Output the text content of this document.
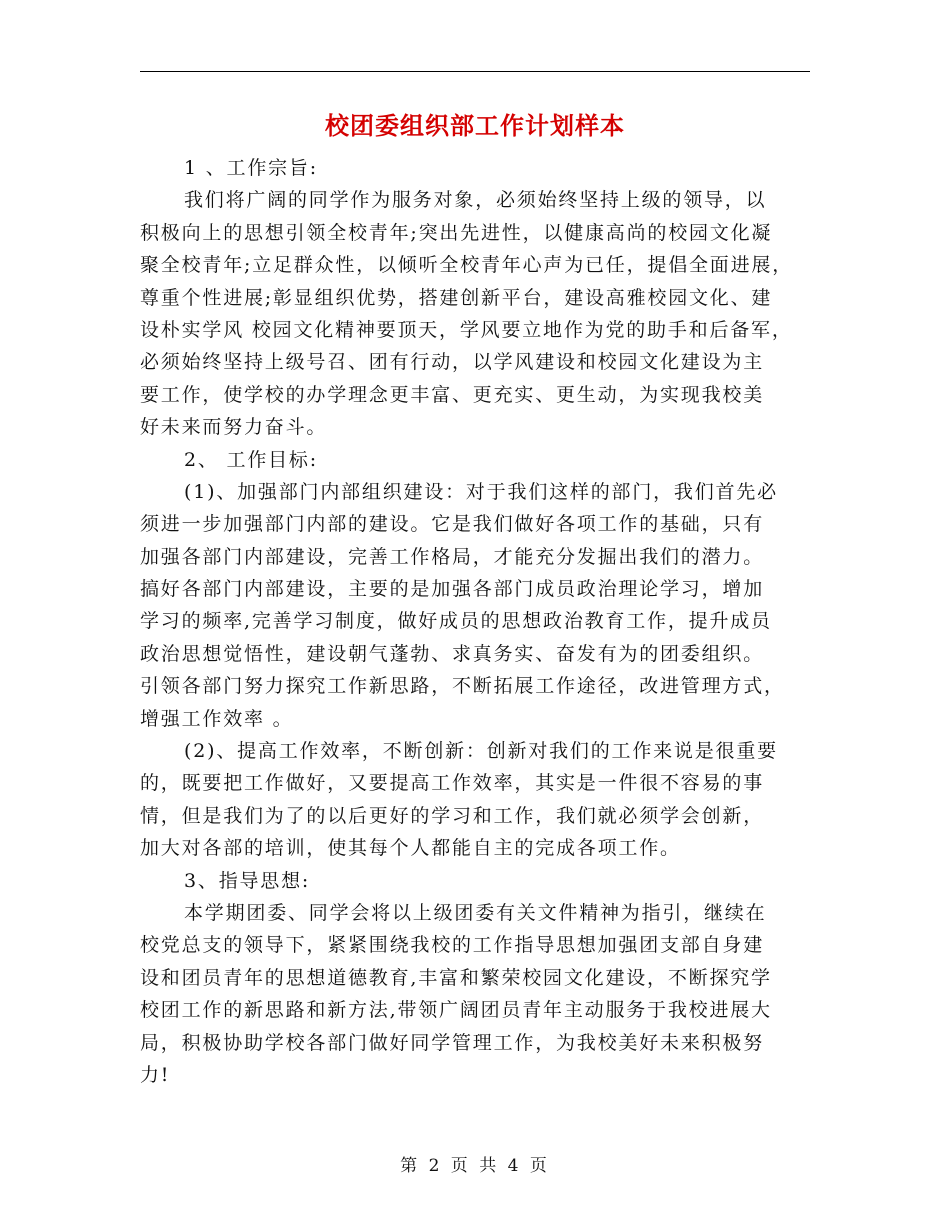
校团委组织部工作计划样本
1 、工作宗旨:
我们将广阔的同学作为服务对象，必须始终坚持上级的领导，以
积极向上的思想引领全校青年;突出先进性，以健康高尚的校园文化凝
聚全校青年;立足群众性，以倾听全校青年心声为已任，提倡全面进展，
尊重个性进展;彰显组织优势，搭建创新平台，建设高雅校园文化、建
设朴实学风 校园文化精神要顶天，学风要立地作为党的助手和后备军，
必须始终坚持上级号召、团有行动，以学风建设和校园文化建设为主
要工作，使学校的办学理念更丰富、更充实、更生动，为实现我校美
好未来而努力奋斗。
2、 工作目标:
(1)、加强部门内部组织建设：对于我们这样的部门，我们首先必
须进一步加强部门内部的建设。它是我们做好各项工作的基础，只有
加强各部门内部建设，完善工作格局，才能充分发掘出我们的潜力。
搞好各部门内部建设，主要的是加强各部门成员政治理论学习，增加
学习的频率,完善学习制度，做好成员的思想政治教育工作，提升成员
政治思想觉悟性，建设朝气蓬勃、求真务实、奋发有为的团委组织。
引领各部门努力探究工作新思路，不断拓展工作途径，改进管理方式，
增强工作效率 。
(2)、提高工作效率，不断创新：创新对我们的工作来说是很重要
的，既要把工作做好，又要提高工作效率，其实是一件很不容易的事
情，但是我们为了的以后更好的学习和工作，我们就必须学会创新，
加大对各部的培训，使其每个人都能自主的完成各项工作。
3、指导思想:
本学期团委、同学会将以上级团委有关文件精神为指引，继续在
校党总支的领导下，紧紧围绕我校的工作指导思想加强团支部自身建
设和团员青年的思想道德教育,丰富和繁荣校园文化建设，不断探究学
校团工作的新思路和新方法,带领广阔团员青年主动服务于我校进展大
局，积极协助学校各部门做好同学管理工作，为我校美好未来积极努
力!
第 2 页 共 4 页
